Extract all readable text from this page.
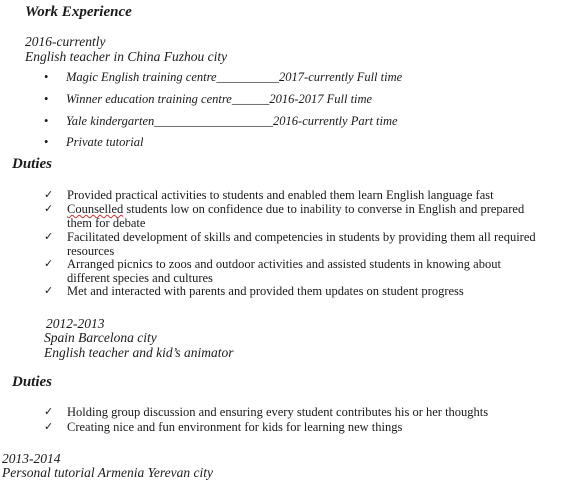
Work Experience
2016-currently
English teacher in China Fuzhou city
• Magic English training centre__________2017-currently Full time
• Winner education training centre______2016-2017 Full time
• Yale kindergarten___________________2016-currently Part time
• Private tutorial
Duties
✓ Provided practical activities to students and enabled them learn English language fast
✓ Counselled students low on confidence due to inability to converse in English and prepared them for debate
✓ Facilitated development of skills and competencies in students by providing them all required resources
✓ Arranged picnics to zoos and outdoor activities and assisted students in knowing about different species and cultures
✓ Met and interacted with parents and provided them updates on student progress
2012-2013
Spain Barcelona city
English teacher and kid’s animator
Duties
✓ Holding group discussion and ensuring every student contributes his or her thoughts
✓ Creating nice and fun environment for kids for learning new things
2013-2014
Personal tutorial Armenia Yerevan city
